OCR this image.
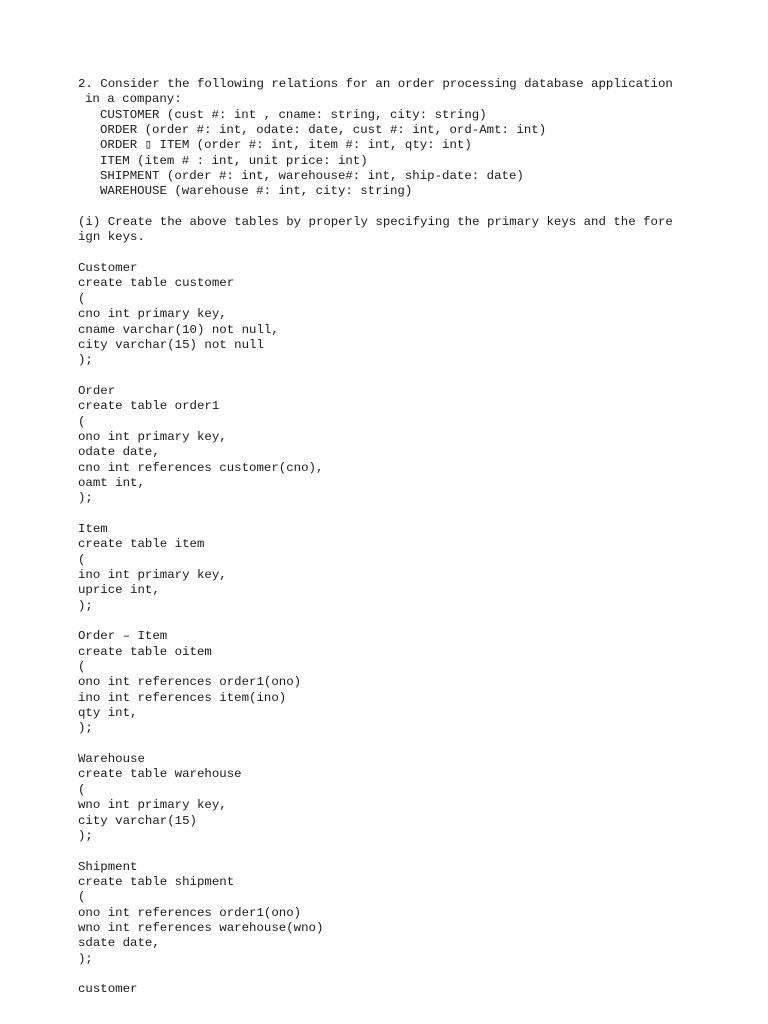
2. Consider the following relations for an order processing database application
in a company:
CUSTOMER (cust #: int , cname: string, city: string)
ORDER (order #: int, odate: date, cust #: int, ord-Amt: int)
ORDER ▯ ITEM (order #: int, item #: int, qty: int)
ITEM (item # : int, unit price: int)
SHIPMENT (order #: int, warehouse#: int, ship-date: date)
WAREHOUSE (warehouse #: int, city: string)
(i) Create the above tables by properly specifying the primary keys and the fore
ign keys.
Customer
create table customer
(
cno int primary key,
cname varchar(10) not null,
city varchar(15) not null
);
Order
create table order1
(
ono int primary key,
odate date,
cno int references customer(cno),
oamt int,
);
Item
create table item
(
ino int primary key,
uprice int,
);
Order – Item
create table oitem
(
ono int references order1(ono)
ino int references item(ino)
qty int,
);
Warehouse
create table warehouse
(
wno int primary key,
city varchar(15)
);
Shipment
create table shipment
(
ono int references order1(ono)
wno int references warehouse(wno)
sdate date,
);
customer
